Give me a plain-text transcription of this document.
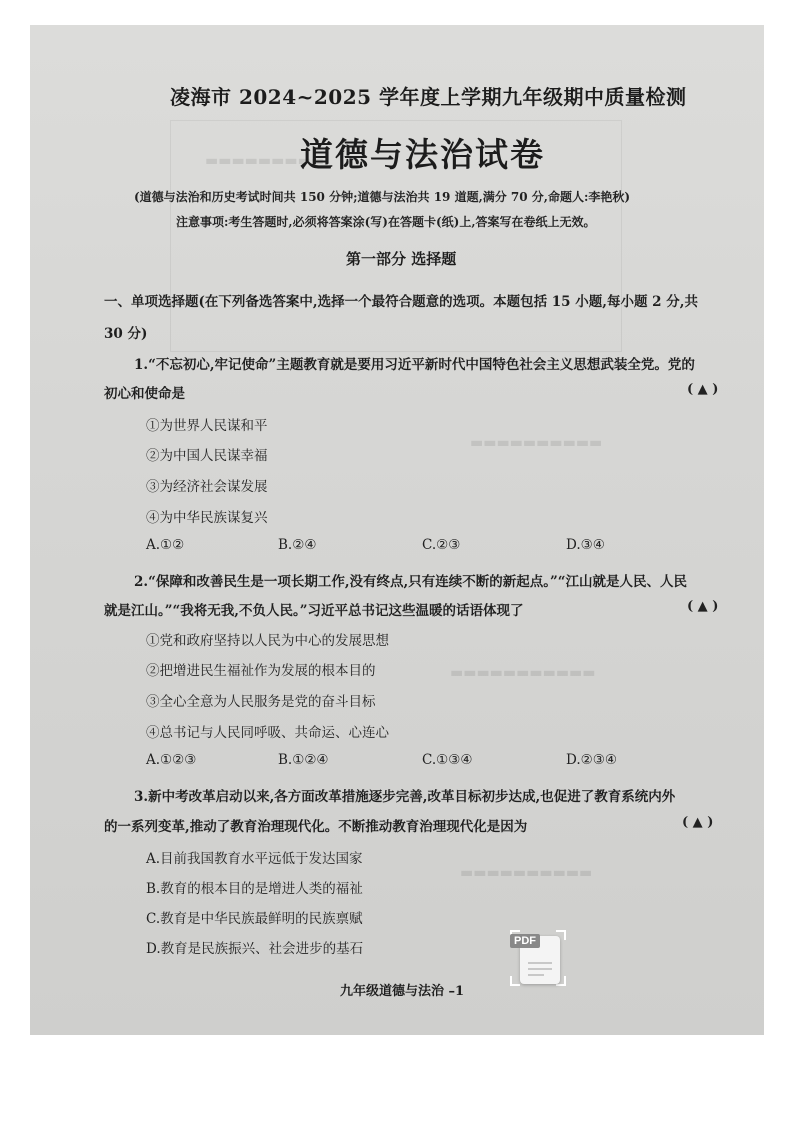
▬▬▬▬▬▬▬▬▬
▬▬▬▬▬▬▬▬▬▬
▬▬▬▬▬▬▬▬▬▬▬
▬▬▬▬▬▬▬▬▬▬
凌海市 2024~2025 学年度上学期九年级期中质量检测
道德与法治试卷
(道德与法治和历史考试时间共 150 分钟;道德与法治共 19 道题,满分 70 分,命题人:李艳秋)
注意事项:考生答题时,必须将答案涂(写)在答题卡(纸)上,答案写在卷纸上无效。
第一部分 选择题
一、单项选择题(在下列备选答案中,选择一个最符合题意的选项。本题包括 15 小题,每小题 2 分,共
30 分)
1.“不忘初心,牢记使命”主题教育就是要用习近平新时代中国特色社会主义思想武装全党。党的
初心和使命是	( ▲ )
①为世界人民谋和平
②为中国人民谋幸福
③为经济社会谋发展
④为中华民族谋复兴
A.①②	B.②④	C.②③	D.③④
2.“保障和改善民生是一项长期工作,没有终点,只有连续不断的新起点。”“江山就是人民、人民
就是江山。”“我将无我,不负人民。”习近平总书记这些温暖的话语体现了	( ▲ )
①党和政府坚持以人民为中心的发展思想
②把增进民生福祉作为发展的根本目的
③全心全意为人民服务是党的奋斗目标
④总书记与人民同呼吸、共命运、心连心
A.①②③	B.①②④	C.①③④	D.②③④
3.新中考改革启动以来,各方面改革措施逐步完善,改革目标初步达成,也促进了教育系统内外
的一系列变革,推动了教育治理现代化。不断推动教育治理现代化是因为	( ▲ )
A.目前我国教育水平远低于发达国家
B.教育的根本目的是增进人类的福祉
C.教育是中华民族最鲜明的民族禀赋
D.教育是民族振兴、社会进步的基石
九年级道德与法治 –1
PDF
